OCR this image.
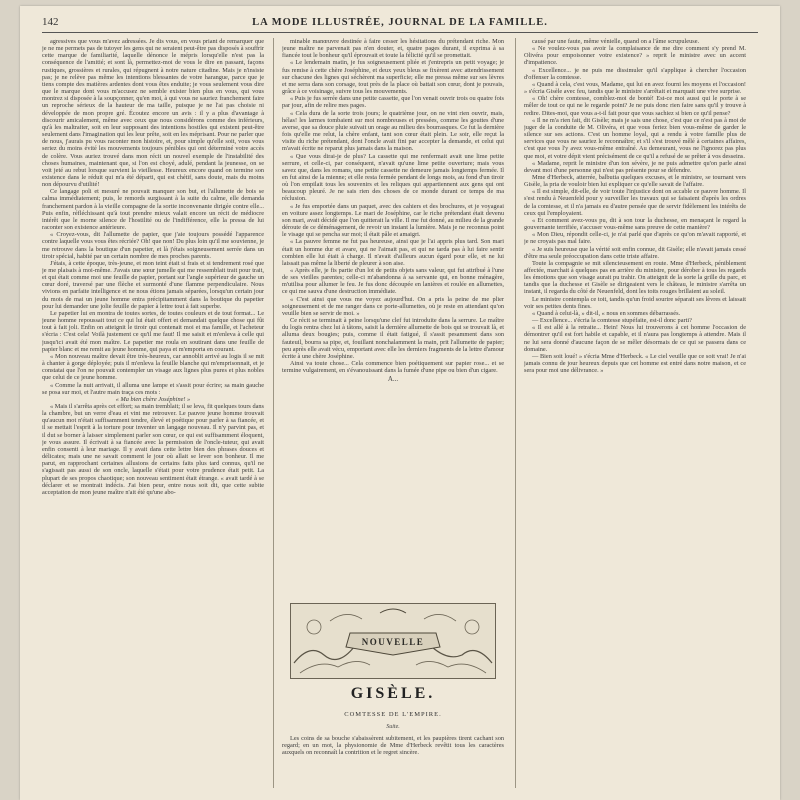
142	LA MODE ILLUSTRÉE, JOURNAL DE LA FAMILLE.

agressives que vous m'avez adressées. Je dis vous, en vous priant de remarquer que je ne me permets pas de tutoyer les gens qui ne seraient peut-être pas disposés à souffrir cette marque de familiarité, laquelle dénonce le mépris lorsqu'elle n'est pas la conséquence de l'amitié; et sont là, permettez-moi de vous le dire en passant, façons rustiques, grossières et rurales, qui répugnent à notre nature citadine. Mais je n'insiste pas; je ne relève pas même les intentions blessantes de votre harangue, parce que je tiens compte des matières ardentes dont vous êtes enduite; je vous seulement vous dire que le marque dont vous m'accusez ne semble exister bien plus en vous, qui vous montrez si disposée à la soupçonner, qu'en moi, à qui vous ne sauriez franchement faire un reproche sérieux de la hauteur de ma taille, puisque je ne l'ai pas choisie ni développée de mon propre gré. Écoutez encore un avis : il y a plus d'avantage à discourir amicalement, même avec ceux que nous considérons comme des inférieurs, qu'à les maltraiter, soit en leur supposant des intentions hostiles qui existent peut-être seulement dans l'imagination qui les leur prête, soit en les méprisant. Pour ne parler que de nous, j'aurais pu vous raconter mon histoire, et, pour simple qu'elle soit, vous vous seriez du moins évité les mouvements toujours pénibles qui ont déterminé votre accès de colère. Vous auriez trouvé dans mon récit un nouvel exemple de l'instabilité des choses humaines, maintenant que, si l'on est choyé, adulé, pendant la jeunesse, on se voit jeté au rebut lorsque survient la vieillesse. Heureux encore quand on termine son existence dans le réduit qui m'a été départi, qui est chétif, sans doute, mais du moins non dépourvu d'utilité!

Ce langage poli et mesuré ne pouvait manquer son but, et l'allumette de bois se calma immédiatement; puis, le remords surgissant à la suite du calme, elle demanda franchement pardon à la vieille compagne de la sortie inconvenante dirigée contre elle... Puis enfin, réfléchissant qu'à tout prendre mieux valait encore un récit de médiocre intérêt que le morne silence de l'hostilité ou de l'indifférence, elle la pressa de lui raconter son existence antérieure.

« Croyez-vous, dit l'allumette de papier, que j'aie toujours possédé l'apparence contre laquelle vous vous êtes récriée? Oh! que non! Du plus loin qu'il me souvienne, je me retrouve dans la boutique d'un papetier, et là j'étais soigneusement serrée dans un tiroir spécial, habité par un certain nombre de mes proches parents.

J'étais, à cette époque, très-jeune, et mon teint était si frais et si tendrement rosé que je me plaisais à moi-même. J'avais une sœur jumelle qui me ressemblait trait pour trait, et qui était comme moi une feuille de papier, portant sur l'angle supérieur de gauche un cœur doré, traversé par une flèche et surmonté d'une flamme perpendiculaire. Nous vivions en parfaite intelligence et ne nous étions jamais séparées, lorsqu'un certain jour du mois de mai un jeune homme entra précipitamment dans la boutique du papetier pour lui demander une jolie feuille de papier à lettre tout à fait superbe.

Le papetier lui en montra de toutes sortes, de toutes couleurs et de tout format... Le jeune homme repoussait tout ce qui lui était offert et demandait quelque chose qui fût tout à fait joli. Enfin on atteignit le tiroir qui contenait moi et ma famille, et l'acheteur s'écria : C'est cela! Voilà justement ce qu'il me faut! Il me saisit et m'enleva à celle qui jusqu'ici avait été mon maître. Le papetier me roula en soutirant dans une feuille de papier blanc et me remit au jeune homme, qui paya et m'emporta en courant.

« Mon nouveau maître devait être très-heureux, car annoblit arrivé au logis il se mit à chanter à gorge déployée; puis il m'enleva la feuille blanche qui m'emprisonnait, et je constatai que l'on ne pouvait contempler un visage aux lignes plus pures et plus nobles que celui de ce jeune homme.

« Comme la nuit arrivait, il alluma une lampe et s'assit pour écrire; sa main gauche se posa sur moi, et l'autre main traça ces mots :

« Ma bien chère Joséphine! »

« Mais il s'arrêta après cet effort; sa main tremblait; il se leva, fit quelques tours dans la chambre, but un verre d'eau et vint me retrouver. Le pauvre jeune homme trouvait qu'aucun mot n'était suffisamment tendre, élevé et poétique pour parler à sa fiancée, et il se mettait l'esprit à la torture pour inventer un langage nouveau. Il n'y parvint pas, et il dut se borner à laisser simplement parler son cœur, ce qui est suffisamment éloquent, je vous assure. Il écrivait à sa fiancée avec la permission de l'oncle-tuteur, qui avait enfin consenti à leur mariage. Il y avait dans cette lettre bien des phrases douces et délicates; mais une ne savait comment le jour où allait se lever son bonheur. Il me parut, en rapprochant certaines allusions de certains faits plus tard connus, qu'il ne s'agissait pas aussi de son oncle, laquelle s'était pour votre prudence était petit. La plupart de ses propos chaotique; son nouveau sentiment était étrange. « avait tardé à se déclarer et se montrait indécis. J'ai bien peur, entre nous soit dit, que cette subite acceptation de mon jeune maître n'ait été qu'une abo-

minable manœuvre destinée à faire cesser les hésitations du prétendant riche. Mon jeune maître ne parvenait pas n'en douter, et, quatre pages durant, il exprima à sa fiancée tout le bonheur qu'il éprouvait et toute la félicité qu'il se promettait.

« Le lendemain matin, je fus soigneusement pliée et j'entrepris un petit voyage; je fus remise à cette chère Joséphine, et deux yeux bleus se fixèrent avec attendrissement sur chacune des lignes qui séchèrent ma superficie; elle me pressa même sur ses lèvres et me serra dans son corsage, tout près de la place où battait son cœur, dont je pouvais, grâce à ce voisinage, suivre tous les mouvements.

« Puis je fus serrée dans une petite cassette, que l'on venait ouvrir trois ou quatre fois par jour, afin de relire mes pages.

« Cela dura de la sorte trois jours; le quatrième jour, on ne vint rien ouvrir, mais, hélas! les larmes tombaient sur moi nombreuses et pressées, comme les gouttes d'une averse, que sa douce pluie suivait un orage au milieu des bourrasques. Ce fut la dernière fois qu'elle me relut, la chère enfant, tant son cœur était plein. Le soir, elle reçut la visite du riche prétendant, dont l'oncle avait fini par accepter la demande, et celui qui m'avait écrite ne reparut plus jamais dans la maison.

« Que vous dirai-je de plus? La cassette qui me renfermait avait une lime petite serrure, et celle-ci, par conséquent, n'avait qu'une lime petite ouverture; mais vous savez que, dans les romans, une petite cassette ne demeure jamais longtemps fermée. Il en fut ainsi de la mienne; et elle resta fermée pendant de longs mois, au fond d'un tiroir où l'on empilait tous les souvenirs et les reliques qui appartiennent aux gens qui ont beaucoup pleuré. Je ne sais rien des choses de ce monde durant ce temps de ma réclusion.

« Je fus emportée dans un paquet, avec des cahiers et des brochures, et je voyageai en voiture assez longtemps. Le mari de Joséphine, car le riche prétendant était devenu son mari, avait décidé que l'on quitterait la ville. Il me fut donné, au milieu de la grande déroute de ce déménagement, de revoir un instant la lumière. Mais je ne reconnus point le visage qui se pencha sur moi; il était pâle et amaigri.

« La pauvre femme ne fut pas heureuse, ainsi que je l'ai appris plus tard. Son mari était un homme dur et avare, qui ne l'aimait pas, et qui ne tarda pas à lui faire sentir combien elle lui était à charge. Il n'avait d'ailleurs aucun égard pour elle, et ne lui laissait pas même la liberté de pleurer à son aise.

« Après elle, je fis partie d'un lot de petits objets sans valeur, qui fut attribué à l'une de ses vieilles parentes; celle-ci m'abandonna à sa servante qui, en bonne ménagère, m'utilisa pour allumer le feu. Je fus donc découpée en lanières et roulée en allumettes, ce qui me sauva d'une destruction immédiate.

« C'est ainsi que vous me voyez aujourd'hui. On a pris la peine de me plier soigneusement et de me ranger dans ce porte-allumettes, où je reste en attendant qu'on veuille bien se servir de moi. »

Ce récit se terminait à peine lorsqu'une clef fut introduite dans la serrure. Le maître du logis rentra chez lui à tâtons, saisit la dernière allumette de bois qui se trouvait là, et alluma deux bougies; puis, comme il était fatigué, il s'assit pesamment dans son fauteuil, bourra sa pipe, et, fouillant nonchalamment la main, prit l'allumette de papier; peu après elle avait vécu, emportant avec elle les derniers fragments de la lettre d'amour écrite à une chère Joséphine.

Ainsi va toute chose... Cela commence bien poétiquement sur papier rose... et se termine vulgairement, en s'évanouissant dans la fumée d'une pipe ou bien d'un cigare.

A...
NOUVELLE
GISÈLE.
COMTESSE DE L'EMPIRE.
Suite.

Les coins de sa bouche s'abaissèrent subitement, et les paupières tirent cachant son regard; en un mot, la physionomie de Mme d'Herbeck revêtit tous les caractères auxquels on reconnaît la contrition et le regret sincère.

causé par une faute, même vénielle, quand on a l'âme scrupuleuse.

« Ne voulez-vous pas avoir la complaisance de me dire comment s'y prend M. Olivéra pour empoisonner votre existence? » reprit le ministre avec un accent d'impatience.

« Excellence... je ne puis me dissimuler qu'il s'applique à chercher l'occasion d'offenser la comtesse.

« Quand à cela, c'est vous, Madame, qui lui en avez fourni les moyens et l'occasion! » s'écria Gisèle avec feu, tandis que le ministre s'arrêtait et marquait une vive surprise.

« Oh! chère comtesse, comblez-moi de bonté! Est-ce moi aussi qui le porte à se mêler de tout ce qui ne le regarde point? Je ne puis donc rien faire sans qu'il y trouve à redire. Dites-moi, que vous a-t-il fait pour que vous sachiez si bien ce qu'il pense?

« Il ne m'a rien fait, dit Gisèle; mais je sais une chose, c'est que ce n'est pas à moi de juger de la conduite de M. Olivéra, et que vous feriez bien vous-même de garder le silence sur ses actions. C'est un homme loyal, qui a rendu à votre famille plus de services que vous ne sauriez le reconnaître; et s'il s'est trouvé mêlé à certaines affaires, c'est que vous l'y avez vous-même entraîné. Au demeurant, vous ne l'ignorez pas plus que moi, et votre dépit vient précisément de ce qu'il a refusé de se prêter à vos desseins.

« Madame, reprit le ministre d'un ton sévère, je ne puis admettre qu'on parle ainsi devant moi d'une personne qui n'est pas présente pour se défendre.

Mme d'Herbeck, atterrée, balbutia quelques excuses, et le ministre, se tournant vers Gisèle, la pria de vouloir bien lui expliquer ce qu'elle savait de l'affaire.

« Il est simple, dit-elle, de voir toute l'injustice dont on accable ce pauvre homme. Il s'est rendu à Neuenfeld pour y surveiller les travaux qui se faisaient d'après les ordres de la comtesse, et il n'a jamais eu d'autre pensée que de servir fidèlement les intérêts de ceux qui l'employaient.

« Et comment avez-vous pu, dit à son tour la duchesse, en menaçant le regard la gouvernante terrifiée, s'accuser vous-même sans preuve de cette manière?

« Mon Dieu, répondit celle-ci, je n'ai parlé que d'après ce qu'on m'avait rapporté, et je ne croyais pas mal faire.

« Je suis heureuse que la vérité soit enfin connue, dit Gisèle; elle n'avait jamais cessé d'être ma seule préoccupation dans cette triste affaire.

Toute la compagnie se mit silencieusement en route. Mme d'Herbeck, péniblement affectée, marchait à quelques pas en arrière du ministre, pour dérober à tous les regards les émotions que son visage aurait pu trahir. On atteignit de la sorte la grille du parc, et tandis que la duchesse et Gisèle se dirigeaient vers le château, le ministre s'arrêta un instant, il regarda du côté de Neuenfeld, dont les toits rouges brillaient au soleil.

Le ministre contempla ce toit, tandis qu'un froid sourire séparait ses lèvres et laissait voir ses petites dents fines.

« Quand à celui-là, » dit-il, « nous en sommes débarrassés.

— Excellence... s'écria la comtesse stupéfaite, est-il donc parti?

« Il est allé à la retraite... Hein! Nous lui trouverons à cet homme l'occasion de démontrer qu'il est fort habile et capable, et il n'aura pas longtemps à attendre. Mais il ne lui sera donné d'aucune façon de se mêler désormais de ce qui se passera dans ce domaine.

— Bien soit loué! » s'écria Mme d'Herbeck. « Le ciel veuille que ce soit vrai! Je n'ai jamais connu de jour heureux depuis que cet homme est entré dans notre maison, et ce sera pour moi une délivrance. »
